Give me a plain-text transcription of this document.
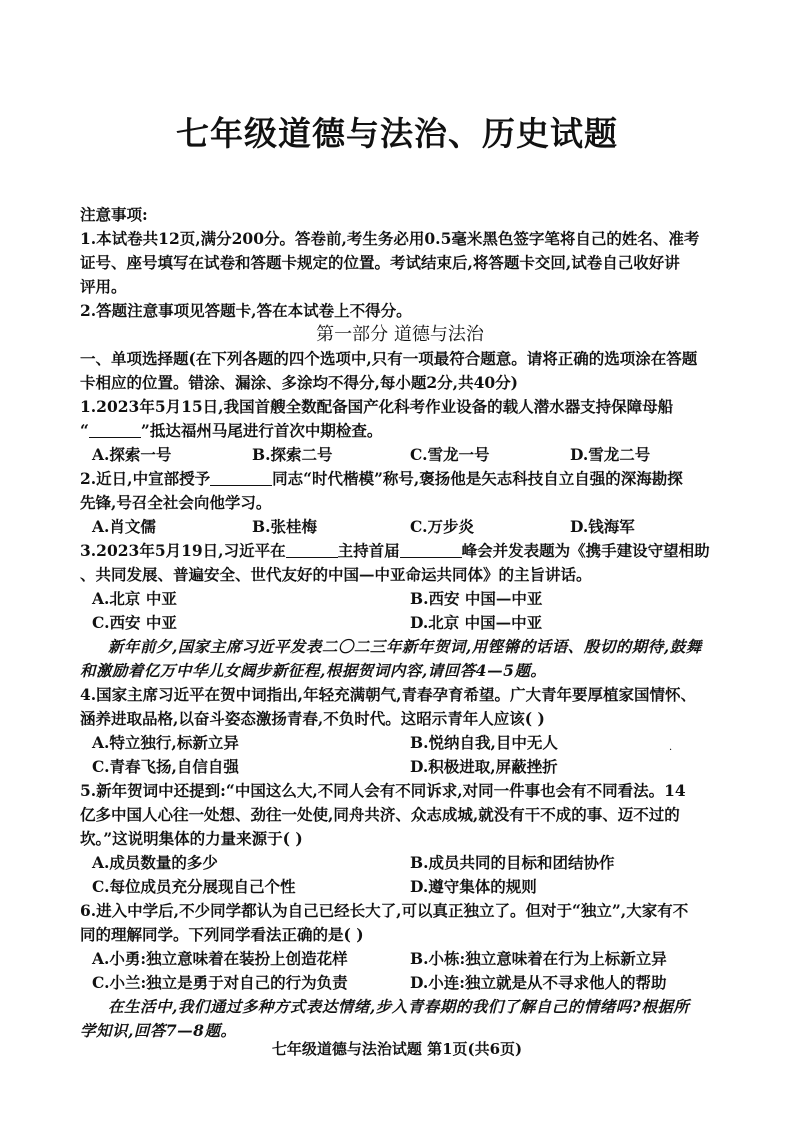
七年级道德与法治、历史试题
注意事项:
1.本试卷共12页,满分200分。答卷前,考生务必用0.5毫米黑色签字笔将自己的姓名、准考
证号、座号填写在试卷和答题卡规定的位置。考试结束后,将答题卡交回,试卷自己收好讲
评用。
2.答题注意事项见答题卡,答在本试卷上不得分。
第一部分 道德与法治
一、单项选择题(在下列各题的四个选项中,只有一项最符合题意。请将正确的选项涂在答题
卡相应的位置。错涂、漏涂、多涂均不得分,每小题2分,共40分)
1.2023年5月15日,我国首艘全数配备国产化科考作业设备的载人潜水器支持保障母船
“	”抵达福州马尾进行首次中期检查。
A.探索一号	B.探索二号	C.雪龙一号	D.雪龙二号
2.近日,中宣部授予	同志“时代楷模”称号,褒扬他是矢志科技自立自强的深海勘探
先锋,号召全社会向他学习。
A.肖文儒	B.张桂梅	C.万步炎	D.钱海军
3.2023年5月19日,习近平在	主持首届	峰会并发表题为《携手建设守望相助
、共同发展、普遍安全、世代友好的中国—中亚命运共同体》的主旨讲话。
A.北京 中亚	B.西安 中国—中亚
C.西安 中亚	D.北京 中国—中亚
新年前夕,国家主席习近平发表二〇二三年新年贺词,用铿锵的话语、殷切的期待,鼓舞
和激励着亿万中华儿女阔步新征程,根据贺词内容,请回答4—5题。
4.国家主席习近平在贺中词指出,年轻充满朝气,青春孕育希望。广大青年要厚植家国情怀、
涵养进取品格,以奋斗姿态激扬青春,不负时代。这昭示青年人应该( )
A.特立独行,标新立异	B.悦纳自我,目中无人
C.青春飞扬,自信自强	D.积极进取,屏蔽挫折
·
5.新年贺词中还提到:“中国这么大,不同人会有不同诉求,对同一件事也会有不同看法。14
亿多中国人心往一处想、劲往一处使,同舟共济、众志成城,就没有干不成的事、迈不过的
坎。”这说明集体的力量来源于( )
A.成员数量的多少	B.成员共同的目标和团结协作
C.每位成员充分展现自己个性	D.遵守集体的规则
6.进入中学后,不少同学都认为自己已经长大了,可以真正独立了。但对于“独立”,大家有不
同的理解同学。下列同学看法正确的是( )
A.小勇:独立意味着在装扮上创造花样	B.小栋:独立意味着在行为上标新立异
C.小兰:独立是勇于对自己的行为负责	D.小连:独立就是从不寻求他人的帮助
在生活中,我们通过多种方式表达情绪,步入青春期的我们了解自己的情绪吗?根据所
学知识,回答7—8题。
七年级道德与法治试题 第1页(共6页)
